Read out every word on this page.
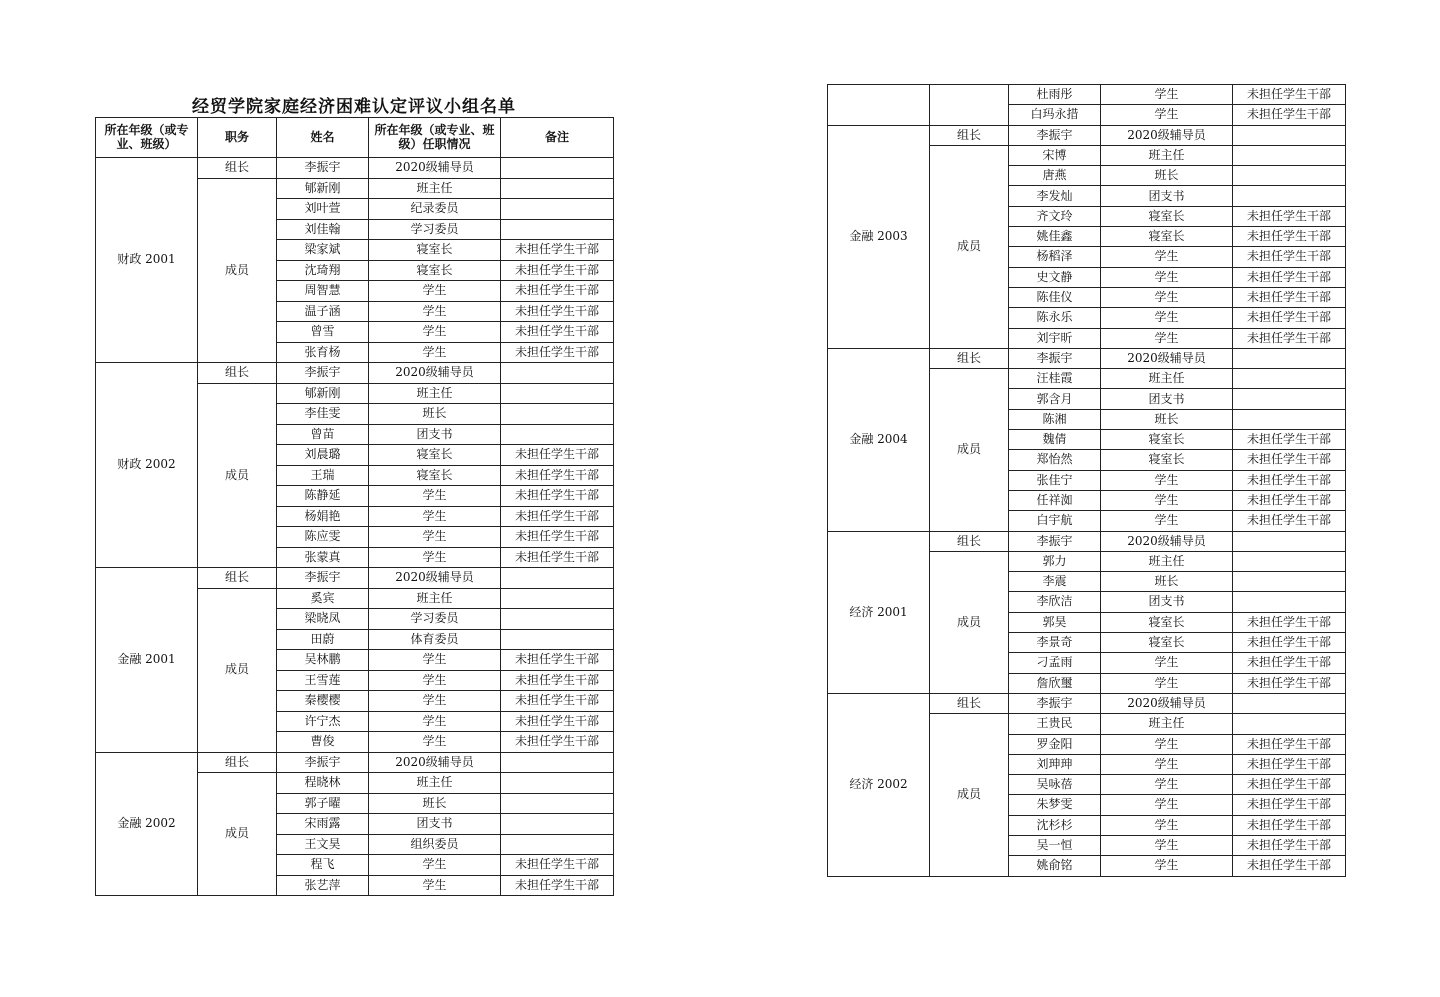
经贸学院家庭经济困难认定评议小组名单
所在年级（或专业、班级）	职务	姓名	所在年级（或专业、班级）任职情况	备注
财政 2001	组长	李振宇	2020级辅导员	
	成员	郇新刚	班主任	
		刘叶萱	纪录委员	
		刘佳翰	学习委员	
		梁家斌	寝室长	未担任学生干部
		沈琦翔	寝室长	未担任学生干部
		周智慧	学生	未担任学生干部
		温子涵	学生	未担任学生干部
		曾雪	学生	未担任学生干部
		张育杨	学生	未担任学生干部
财政 2002	组长	李振宇	2020级辅导员	
	成员	郇新刚	班主任	
		李佳雯	班长	
		曾苗	团支书	
		刘晨璐	寝室长	未担任学生干部
		王瑞	寝室长	未担任学生干部
		陈静延	学生	未担任学生干部
		杨娟艳	学生	未担任学生干部
		陈应雯	学生	未担任学生干部
		张蒙真	学生	未担任学生干部
金融 2001	组长	李振宇	2020级辅导员	
	成员	奚宾	班主任	
		梁晓凤	学习委员	
		田蔚	体育委员	
		吴林鹏	学生	未担任学生干部
		王雪莲	学生	未担任学生干部
		秦樱樱	学生	未担任学生干部
		许宁杰	学生	未担任学生干部
		曹俊	学生	未担任学生干部
金融 2002	组长	李振宇	2020级辅导员	
	成员	程晓林	班主任	
		郭子曜	班长	
		宋雨露	团支书	
		王文昊	组织委员	
		程飞	学生	未担任学生干部
		张艺萍	学生	未担任学生干部
		杜雨彤	学生	未担任学生干部
		白玛永措	学生	未担任学生干部
金融 2003	组长	李振宇	2020级辅导员	
	成员	宋博	班主任	
		唐燕	班长	
		李发灿	团支书	
		齐文玲	寝室长	未担任学生干部
		姚佳鑫	寝室长	未担任学生干部
		杨稻泽	学生	未担任学生干部
		史文静	学生	未担任学生干部
		陈佳仪	学生	未担任学生干部
		陈永乐	学生	未担任学生干部
		刘宇昕	学生	未担任学生干部
金融 2004	组长	李振宇	2020级辅导员	
	成员	汪桂霞	班主任	
		郭含月	团支书	
		陈湘	班长	
		魏倩	寝室长	未担任学生干部
		郑怡然	寝室长	未担任学生干部
		张佳宁	学生	未担任学生干部
		任祥洳	学生	未担任学生干部
		白宇航	学生	未担任学生干部
经济 2001	组长	李振宇	2020级辅导员	
	成员	郭力	班主任	
		李震	班长	
		李欣洁	团支书	
		郭昊	寝室长	未担任学生干部
		李景奇	寝室长	未担任学生干部
		刁孟雨	学生	未担任学生干部
		詹欣璽	学生	未担任学生干部
经济 2002	组长	李振宇	2020级辅导员	
	成员	王贵民	班主任	
		罗金阳	学生	未担任学生干部
		刘珅珅	学生	未担任学生干部
		吴咏蓓	学生	未担任学生干部
		朱梦雯	学生	未担任学生干部
		沈杉杉	学生	未担任学生干部
		吴一恒	学生	未担任学生干部
		姚俞铭	学生	未担任学生干部
